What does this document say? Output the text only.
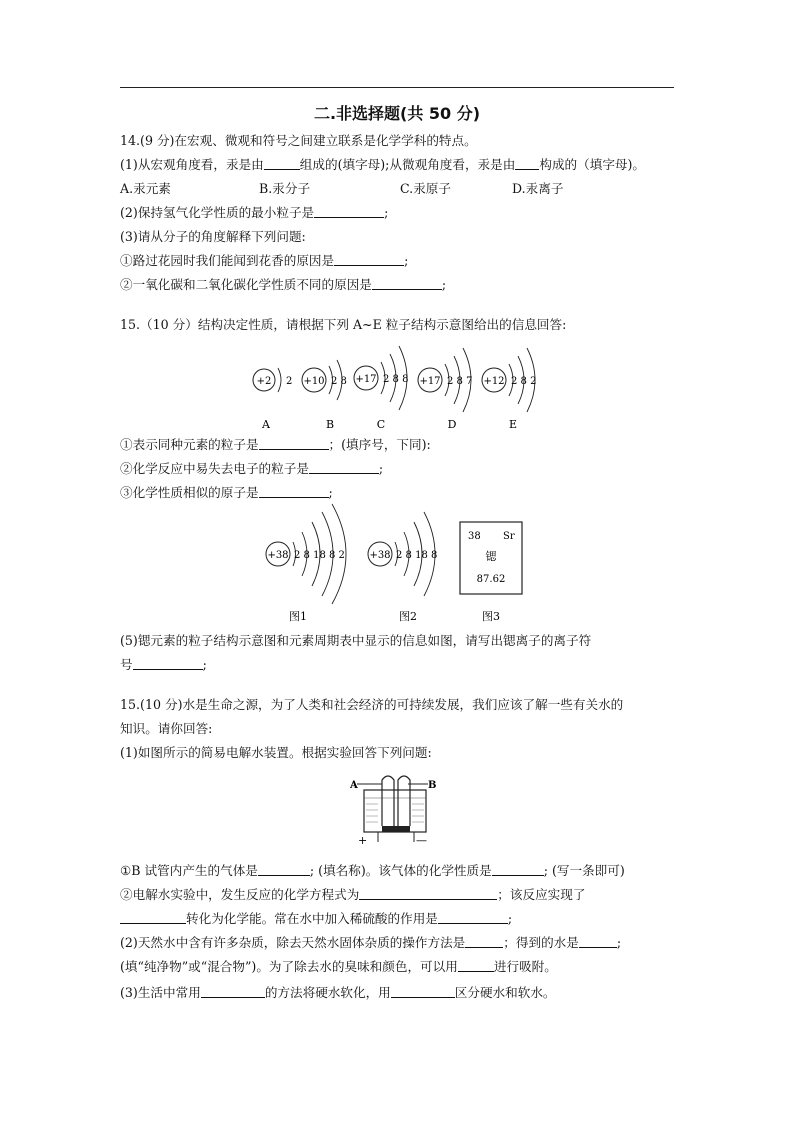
二.非选择题(共 50 分)
14.(9 分)在宏观、微观和符号之间建立联系是化学学科的特点。
(1)从宏观角度看，汞是由	组成的(填字母);从微观角度看，汞是由 构成的（填字母)。
A.汞元素	B.汞分子	C.汞原子	D.汞离子
(2)保持氢气化学性质的最小粒子是	;
(3)请从分子的角度解释下列问题:
①路过花园时我们能闻到花香的原因是	;
②一氧化碳和二氧化碳化学性质不同的原因是	;
15.（10 分）结构决定性质，请根据下列 A~E 粒子结构示意图给出的信息回答:
+2 2 +10 2 8 +17 2 8 8 +17 2 8 7 +12 2 8 2
A	B	C	D	E
①表示同种元素的粒子是	；(填序号，下同):
②化学反应中易失去电子的粒子是	;
③化学性质相似的原子是	;
+38 2 8 18 8 2
图1
+38 2 8 18 8
图2
38 Sr
锶
87.62
图3
(5)锶元素的粒子结构示意图和元素周期表中显示的信息如图，请写出锶离子的离子符
号	;
15.(10 分)水是生命之源，为了人类和社会经济的可持续发展，我们应该了解一些有关水的
知识。请你回答:
(1)如图所示的简易电解水装置。根据实验回答下列问题:
A	B
+	—
①B 试管内产生的气体是	; (填名称)。该气体的化学性质是	; (写一条即可)
②电解水实验中，发生反应的化学方程式为	；该反应实现了
转化为化学能。常在水中加入稀硫酸的作用是	;
(2)天然水中含有许多杂质，除去天然水固体杂质的操作方法是	；得到的水是	;
(填“纯净物”或“混合物”)。为了除去水的臭味和颜色，可以用	进行吸附。
(3)生活中常用	的方法将硬水软化，用	区分硬水和软水。
